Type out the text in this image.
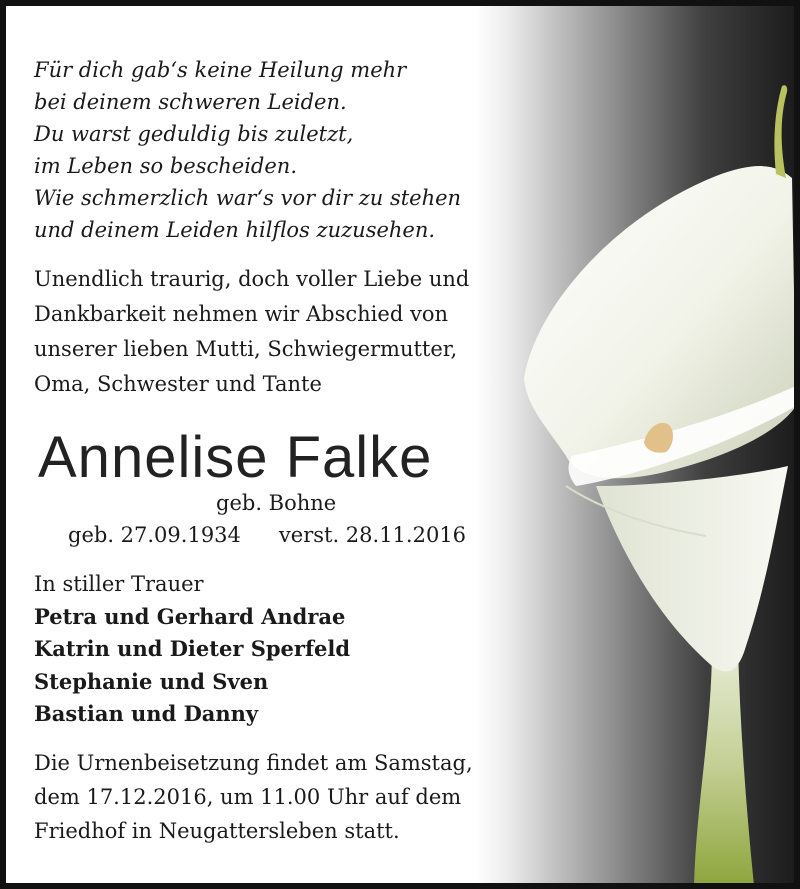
Für dich gab‘s keine Heilung mehr
bei deinem schweren Leiden.
Du warst geduldig bis zuletzt,
im Leben so bescheiden.
Wie schmerzlich war‘s vor dir zu stehen
und deinem Leiden hilflos zuzusehen.
Unendlich traurig, doch voller Liebe und
Dankbarkeit nehmen wir Abschied von
unserer lieben Mutti, Schwiegermutter,
Oma, Schwester und Tante
Annelise Falke
geb. Bohne
geb. 27.09.1934 verst. 28.11.2016
In stiller Trauer
Petra und Gerhard Andrae
Katrin und Dieter Sperfeld
Stephanie und Sven
Bastian und Danny
Die Urnenbeisetzung findet am Samstag,
dem 17.12.2016, um 11.00 Uhr auf dem
Friedhof in Neugattersleben statt.
